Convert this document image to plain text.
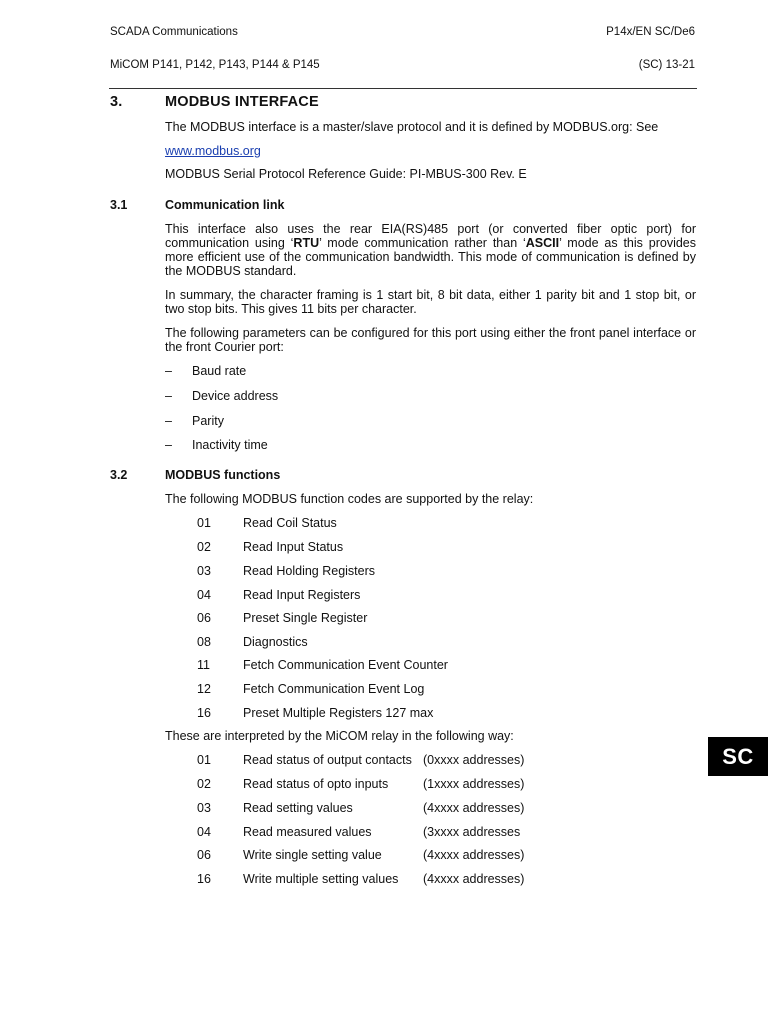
SCADA Communications	P14x/EN SC/De6
MiCOM P141, P142, P143, P144 & P145	(SC) 13-21
3.	MODBUS INTERFACE
The MODBUS interface is a master/slave protocol and it is defined by MODBUS.org: See
www.modbus.org
MODBUS Serial Protocol Reference Guide: PI-MBUS-300 Rev. E
3.1	Communication link
This interface also uses the rear EIA(RS)485 port (or converted fiber optic port) for communication using ‘RTU’ mode communication rather than ‘ASCII’ mode as this provides more efficient use of the communication bandwidth. This mode of communication is defined by the MODBUS standard.
In summary, the character framing is 1 start bit, 8 bit data, either 1 parity bit and 1 stop bit, or two stop bits. This gives 11 bits per character.
The following parameters can be configured for this port using either the front panel interface or the front Courier port:
– Baud rate
– Device address
– Parity
– Inactivity time
3.2	MODBUS functions
The following MODBUS function codes are supported by the relay:
01	Read Coil Status
02	Read Input Status
03	Read Holding Registers
04	Read Input Registers
06	Preset Single Register
08	Diagnostics
11	Fetch Communication Event Counter
12	Fetch Communication Event Log
16	Preset Multiple Registers 127 max
These are interpreted by the MiCOM relay in the following way:
01	Read status of output contacts (0xxxx addresses)
02	Read status of opto inputs	(1xxxx addresses)
03	Read setting values	(4xxxx addresses)
04	Read measured values	(3xxxx addresses
06	Write single setting value	(4xxxx addresses)
16	Write multiple setting values (4xxxx addresses)
SC
